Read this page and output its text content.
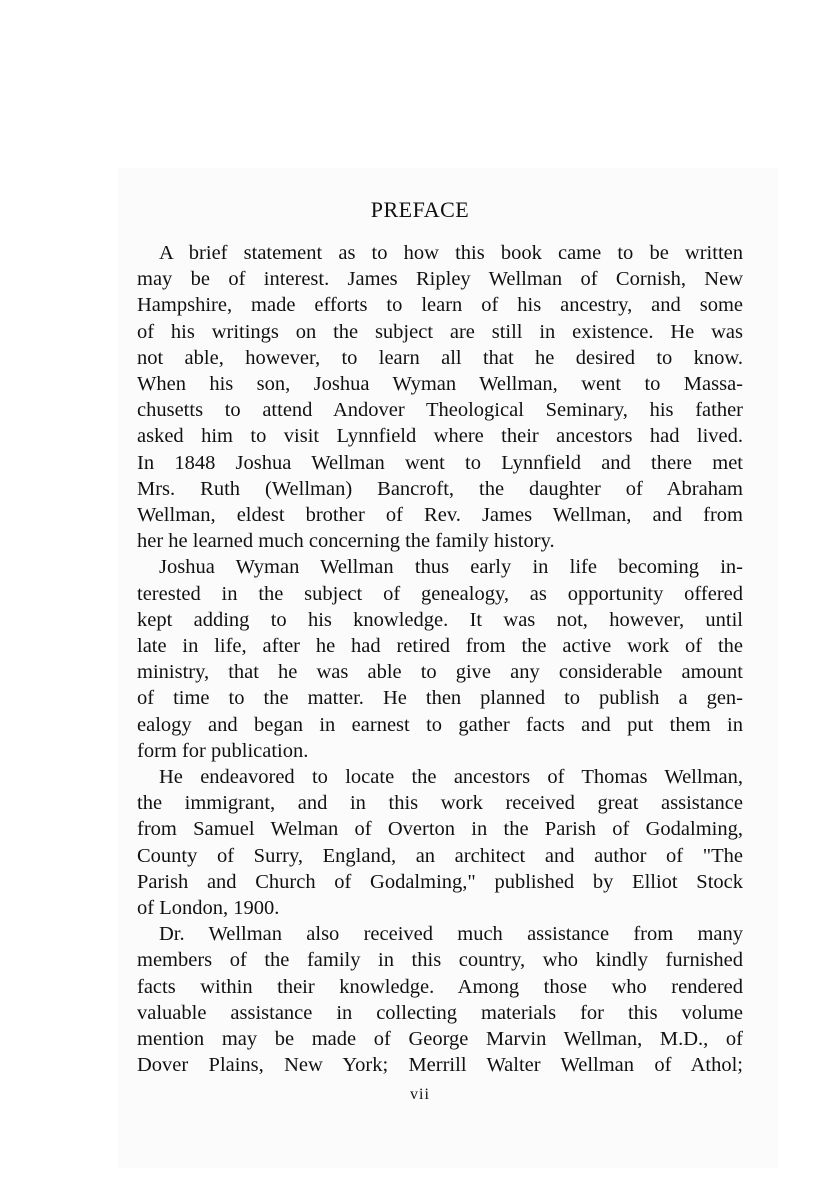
PREFACE
A brief statement as to how this book came to be written
may be of interest. James Ripley Wellman of Cornish, New
Hampshire, made efforts to learn of his ancestry, and some
of his writings on the subject are still in existence. He was
not able, however, to learn all that he desired to know.
When his son, Joshua Wyman Wellman, went to Massa-
chusetts to attend Andover Theological Seminary, his father
asked him to visit Lynnfield where their ancestors had lived.
In 1848 Joshua Wellman went to Lynnfield and there met
Mrs. Ruth (Wellman) Bancroft, the daughter of Abraham
Wellman, eldest brother of Rev. James Wellman, and from
her he learned much concerning the family history.
Joshua Wyman Wellman thus early in life becoming in-
terested in the subject of genealogy, as opportunity offered
kept adding to his knowledge. It was not, however, until
late in life, after he had retired from the active work of the
ministry, that he was able to give any considerable amount
of time to the matter. He then planned to publish a gen-
ealogy and began in earnest to gather facts and put them in
form for publication.
He endeavored to locate the ancestors of Thomas Wellman,
the immigrant, and in this work received great assistance
from Samuel Welman of Overton in the Parish of Godalming,
County of Surry, England, an architect and author of "The
Parish and Church of Godalming," published by Elliot Stock
of London, 1900.
Dr. Wellman also received much assistance from many
members of the family in this country, who kindly furnished
facts within their knowledge. Among those who rendered
valuable assistance in collecting materials for this volume
mention may be made of George Marvin Wellman, M.D., of
Dover Plains, New York; Merrill Walter Wellman of Athol;
vii
